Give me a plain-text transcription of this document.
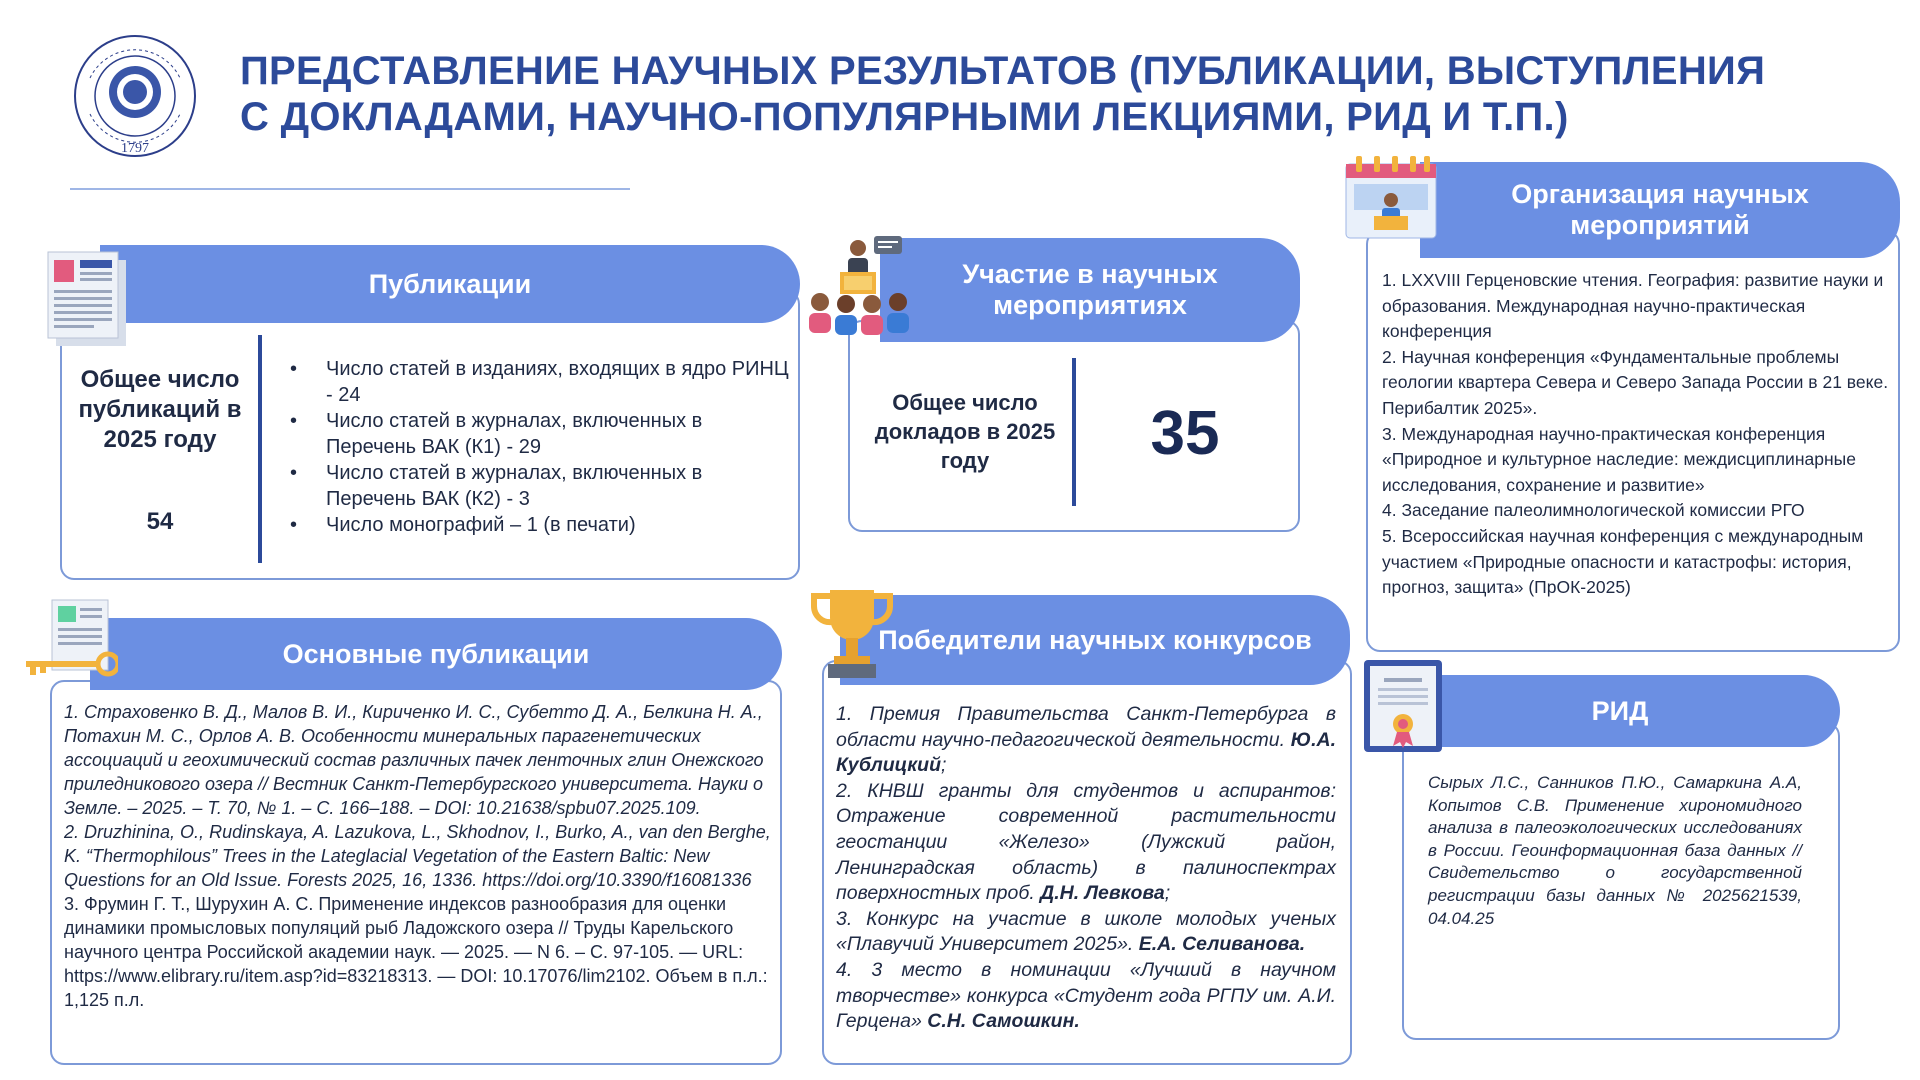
1797
ПРЕДСТАВЛЕНИЕ НАУЧНЫХ РЕЗУЛЬТАТОВ (ПУБЛИКАЦИИ, ВЫСТУПЛЕНИЯ
С ДОКЛАДАМИ, НАУЧНО-ПОПУЛЯРНЫМИ ЛЕКЦИЯМИ, РИД И Т.П.)
Публикации
Общее число публикаций в 2025 году
54
• Число статей в изданиях, входящих в ядро РИНЦ - 24
• Число статей в журналах, включенных в Перечень ВАК (К1) - 29
• Число статей в журналах, включенных в Перечень ВАК (К2) - 3
• Число монографий – 1 (в печати)
Участие в научных мероприятиях
Общее число докладов в 2025 году	35
Организация научных мероприятий
1. LXXVIII Герценовские чтения. География: развитие науки и образования. Международная научно-практическая конференция
2. Научная конференция «Фундаментальные проблемы геологии квартера Севера и Северо Запада России в 21 веке. Перибалтик 2025».
3. Международная научно-практическая конференция «Природное и культурное наследие: междисциплинарные исследования, сохранение и развитие»
4. Заседание палеолимнологической комиссии РГО
5. Всероссийская научная конференция с международным участием «Природные опасности и катастрофы: история, прогноз, защита» (ПрОК-2025)
Основные публикации

1. Страховенко В. Д., Малов В. И., Кириченко И. С., Субетто Д. А., Белкина Н. А., Потахин М. С., Орлов А. В. Особенности минеральных парагенетических ассоциаций и геохимический состав различных пачек ленточных глин Онежского приледникового озера // Вестник Санкт-Петербургского университета. Науки о Земле. – 2025. – Т. 70, № 1. – С. 166–188. – DOI: 10.21638/spbu07.2025.109.

2. Druzhinina, O., Rudinskaya, A. Lazukova, L., Skhodnov, I., Burko, A., van den Berghe, K. “Thermophilous” Trees in the Lateglacial Vegetation of the Eastern Baltic: New Questions for an Old Issue. Forests 2025, 16, 1336. https://doi.org/10.3390/f16081336

3. Фрумин Г. Т., Шурухин А. С. Применение индексов разнообразия для оценки динамики промысловых популяций рыб Ладожского озера // Труды Карельского научного центра Российской академии наук. — 2025. — N 6. – С. 97-105. — URL: https://www.elibrary.ru/item.asp?id=83218313. — DOI: 10.17076/lim2102. Объем в п.л.: 1,125 п.л.

Победители научных конкурсов
1. Премия Правительства Санкт-Петербурга в области научно-педагогической деятельности. Ю.А. Кублицкий;
2. КНВШ гранты для студентов и аспирантов: Отражение современной растительности геостанции «Железо» (Лужский район, Ленинградская область) в палиноспектрах поверхностных проб. Д.Н. Левкова;
3. Конкурс на участие в школе молодых ученых «Плавучий Университет 2025». Е.А. Селиванова.
4. 3 место в номинации «Лучший в научном творчестве» конкурса «Студент года РГПУ им. А.И. Герцена» С.Н. Самошкин.
РИД
Сырых Л.С., Санников П.Ю., Самаркина А.А, Копытов С.В. Применение хирономидного анализа в палеоэкологических исследованиях в России. Геоинформационная база данных // Свидетельство о государственной регистрации базы данных № 2025621539, 04.04.25
